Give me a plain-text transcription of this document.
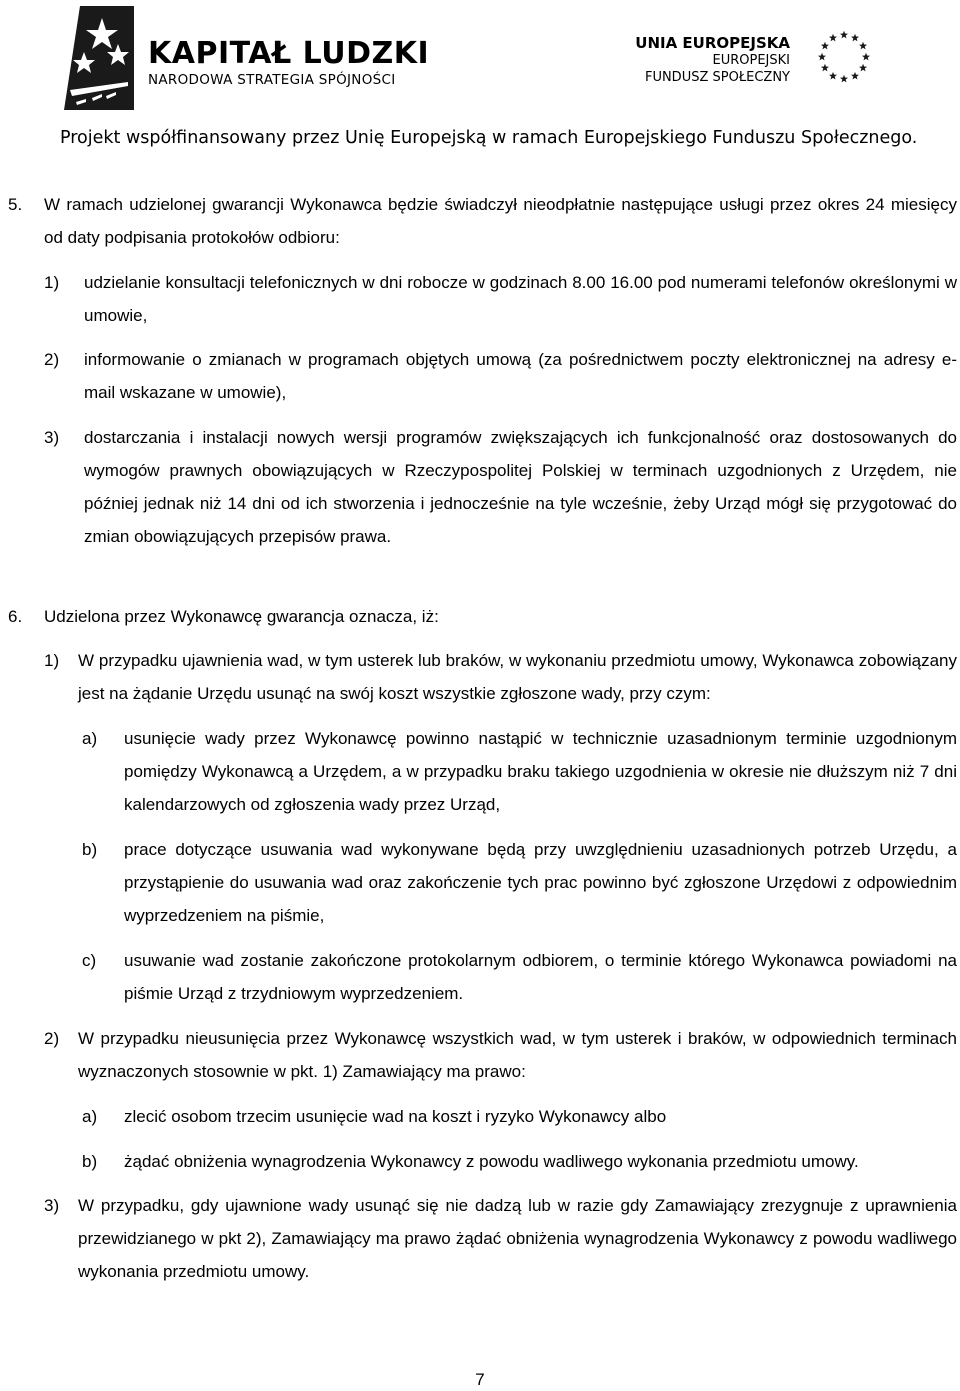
KAPITAŁ LUDZKI
NARODOWA STRATEGIA SPÓJNOŚCI
UNIA EUROPEJSKA
EUROPEJSKI
FUNDUSZ SPOŁECZNY
Projekt współfinansowany przez Unię Europejską w ramach Europejskiego Funduszu Społecznego.
5. W ramach udzielonej gwarancji Wykonawca będzie świadczył nieodpłatnie następujące usługi przez okres 24 miesięcy od daty podpisania protokołów odbioru:
1) udzielanie konsultacji telefonicznych w dni robocze w godzinach 8.00 16.00 pod numerami telefonów określonymi w umowie,
2) informowanie o zmianach w programach objętych umową (za pośrednictwem poczty elektronicznej na adresy e-mail wskazane w umowie),
3) dostarczania i instalacji nowych wersji programów zwiększających ich funkcjonalność oraz dostosowanych do wymogów prawnych obowiązujących w Rzeczypospolitej Polskiej w terminach uzgodnionych z Urzędem, nie później jednak niż 14 dni od ich stworzenia i jednocześnie na tyle wcześnie, żeby Urząd mógł się przygotować do zmian obowiązujących przepisów prawa.
6. Udzielona przez Wykonawcę gwarancja oznacza, iż:
1) W przypadku ujawnienia wad, w tym usterek lub braków, w wykonaniu przedmiotu umowy, Wykonawca zobowiązany jest na żądanie Urzędu usunąć na swój koszt wszystkie zgłoszone wady, przy czym:
a) usunięcie wady przez Wykonawcę powinno nastąpić w technicznie uzasadnionym terminie uzgodnionym pomiędzy Wykonawcą a Urzędem, a w przypadku braku takiego uzgodnienia w okresie nie dłuższym niż 7 dni kalendarzowych od zgłoszenia wady przez Urząd,
b) prace dotyczące usuwania wad wykonywane będą przy uwzględnieniu uzasadnionych potrzeb Urzędu, a przystąpienie do usuwania wad oraz zakończenie tych prac powinno być zgłoszone Urzędowi z odpowiednim wyprzedzeniem na piśmie,
c) usuwanie wad zostanie zakończone protokolarnym odbiorem, o terminie którego Wykonawca powiadomi na piśmie Urząd z trzydniowym wyprzedzeniem.
2) W przypadku nieusunięcia przez Wykonawcę wszystkich wad, w tym usterek i braków, w odpowiednich terminach wyznaczonych stosownie w pkt. 1) Zamawiający ma prawo:
a) zlecić osobom trzecim usunięcie wad na koszt i ryzyko Wykonawcy albo
b) żądać obniżenia wynagrodzenia Wykonawcy z powodu wadliwego wykonania przedmiotu umowy.
3) W przypadku, gdy ujawnione wady usunąć się nie dadzą lub w razie gdy Zamawiający zrezygnuje z uprawnienia przewidzianego w pkt 2), Zamawiający ma prawo żądać obniżenia wynagrodzenia Wykonawcy z powodu wadliwego wykonania przedmiotu umowy.
7
